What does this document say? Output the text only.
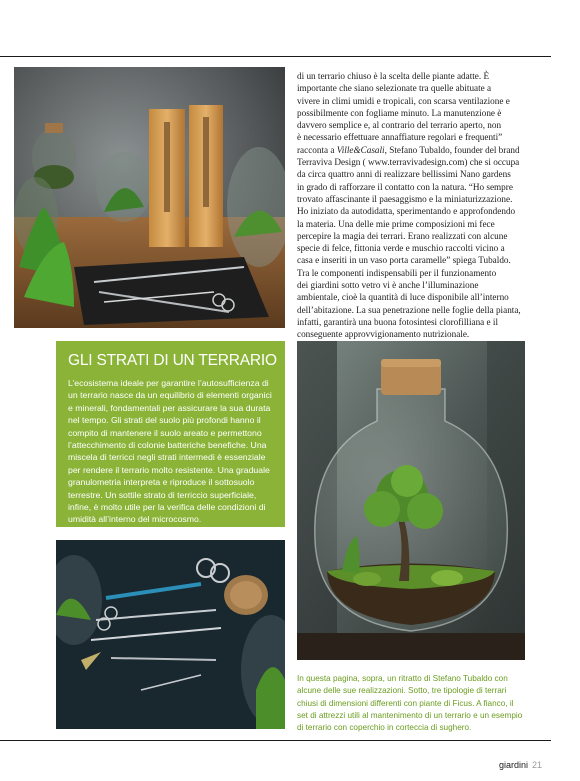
di un terrario chiuso è la scelta delle piante adatte. È
importante che siano selezionate tra quelle abituate a
vivere in climi umidi e tropicali, con scarsa ventilazione e
possibilmente con fogliame minuto. La manutenzione è
davvero semplice e, al contrario del terrario aperto, non
è necessario effettuare annaffiature regolari e frequenti”
racconta a Ville&Casali, Stefano Tubaldo, founder del brand
Terraviva Design ( www.terravivadesign.com) che si occupa
da circa quattro anni di realizzare bellissimi Nano gardens
in grado di rafforzare il contatto con la natura. “Ho sempre
trovato affascinante il paesaggismo e la miniaturizzazione.
Ho iniziato da autodidatta, sperimentando e approfondendo
la materia. Una delle mie prime composizioni mi fece
percepire la magia dei terrari. Erano realizzati con alcune
specie di felce, fittonia verde e muschio raccolti vicino a
casa e inseriti in un vaso porta caramelle” spiega Tubaldo.
Tra le componenti indispensabili per il funzionamento
dei giardini sotto vetro vi è anche l’illuminazione
ambientale, cioè la quantità di luce disponibile all’interno
dell’abitazione. La sua penetrazione nelle foglie della pianta,
infatti, garantirà una buona fotosintesi clorofilliana e il
conseguente approvvigionamento nutrizionale.

GLI STRATI DI UN TERRARIO

L’ecosistema ideale per garantire l’autosufficienza di un terrario nasce da un equilibrio di elementi organici e minerali, fondamentali per assicurare la sua durata nel tempo. Gli strati del suolo più profondi hanno il compito di mantenere il suolo areato e permettono l’attecchimento di colonie batteriche benefiche. Una miscela di terricci negli strati intermedi è essenziale per rendere il terrario molto resistente. Una graduale granulometria interpreta e riproduce il sottosuolo terrestre. Un sottile strato di terriccio superficiale, infine, è molto utile per la verifica delle condizioni di umidità all’interno del microcosmo.

In questa pagina, sopra, un ritratto di Stefano Tubaldo con alcune delle sue realizzazioni. Sotto, tre tipologie di terrari chiusi di dimensioni differenti con piante di Ficus. A fianco, il set di attrezzi utili al mantenimento di un terrario e un esempio di terrario con coperchio in corteccia di sughero.
giardini 21
